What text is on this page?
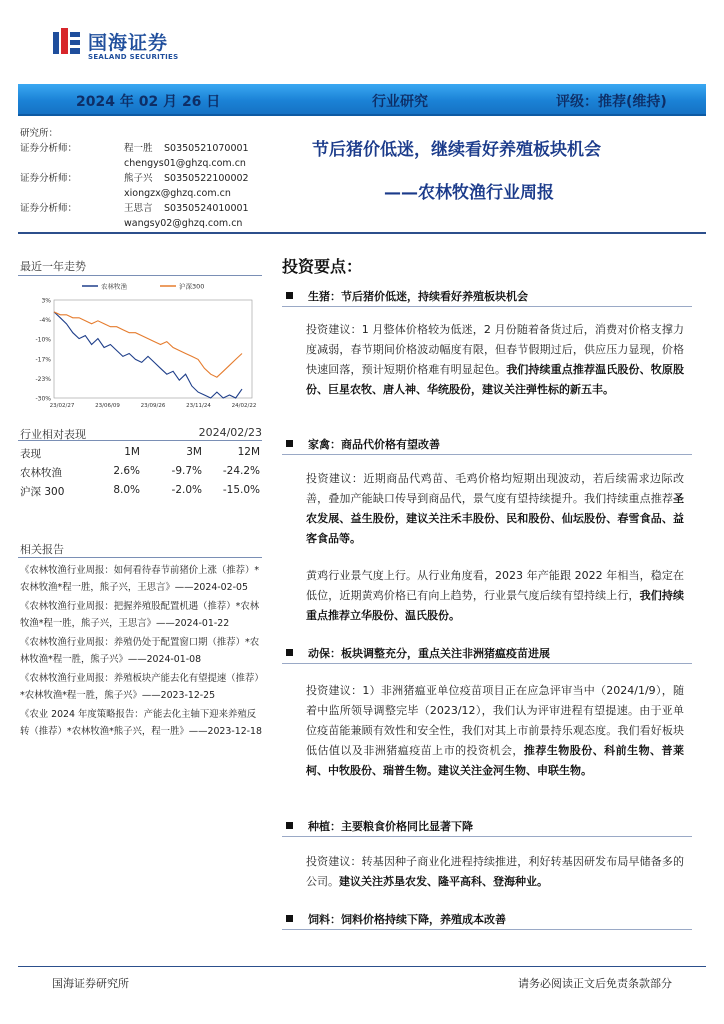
国海证券
SEALAND SECURITIES
2024 年 02 月 26 日	行业研究	评级：推荐(维持)
研究所：
证券分析师：	程一胜 S0350521070001
chengys01@ghzq.com.cn
证券分析师：	熊子兴 S0350522100002
xiongzx@ghzq.com.cn
证券分析师：	王思言 S0350524010001
wangsy02@ghzq.com.cn
节后猪价低迷，继续看好养殖板块机会
——农林牧渔行业周报
最近一年走势
3%
-4%
-10%
-17%
-23%
-30%
23/02/27	23/06/09	23/09/26	23/11/24	24/02/22
农林牧渔	沪深300
行业相对表现	2024/02/23
表现	1M	3M	12M
农林牧渔	2.6%	-9.7% -24.2%
沪深 300	8.0%	-2.0% -15.0%
相关报告
《农林牧渔行业周报：如何看待春节前猪价上涨（推荐）*农林牧渔*程一胜，熊子兴，王思言》——2024-02-05
《农林牧渔行业周报：把握养殖股配置机遇（推荐）*农林牧渔*程一胜，熊子兴，王思言》——2024-01-22
《农林牧渔行业周报：养殖仍处于配置窗口期（推荐）*农林牧渔*程一胜，熊子兴》——2024-01-08
《农林牧渔行业周报：养殖板块产能去化有望提速（推荐）*农林牧渔*程一胜，熊子兴》——2023-12-25
《农业 2024 年度策略报告：产能去化主轴下迎来养殖反转（推荐）*农林牧渔*熊子兴，程一胜》——2023-12-18
投资要点：
生猪：节后猪价低迷，持续看好养殖板块机会
投资建议：1 月整体价格较为低迷，2 月份随着备货过后，消费对价格支撑力度减弱，春节期间价格波动幅度有限，但春节假期过后，供应压力显现，价格快速回落，预计短期价格难有明显起色。我们持续重点推荐温氏股份、牧原股份、巨星农牧、唐人神、华统股份，建议关注弹性标的新五丰。
家禽：商品代价格有望改善
投资建议：近期商品代鸡苗、毛鸡价格均短期出现波动，若后续需求边际改善，叠加产能缺口传导到商品代，景气度有望持续提升。我们持续重点推荐圣农发展、益生股份，建议关注禾丰股份、民和股份、仙坛股份、春雪食品、益客食品等。
黄鸡行业景气度上行。从行业角度看，2023 年产能跟 2022 年相当，稳定在低位，近期黄鸡价格已有向上趋势，行业景气度后续有望持续上行，我们持续重点推荐立华股份、温氏股份。
动保：板块调整充分，重点关注非洲猪瘟疫苗进展
投资建议：1）非洲猪瘟亚单位疫苗项目正在应急评审当中（2024/1/9），随着中监所领导调整完毕（2023/12），我们认为评审进程有望提速。由于亚单位疫苗能兼顾有效性和安全性，我们对其上市前景持乐观态度。我们看好板块低估值以及非洲猪瘟疫苗上市的投资机会，推荐生物股份、科前生物、普莱柯、中牧股份、瑞普生物。建议关注金河生物、申联生物。
种植：主要粮食价格同比显著下降
投资建议：转基因种子商业化进程持续推进，利好转基因研发布局早储备多的公司。建议关注苏垦农发、隆平高科、登海种业。
饲料：饲料价格持续下降，养殖成本改善
国海证券研究所	请务必阅读正文后免责条款部分
